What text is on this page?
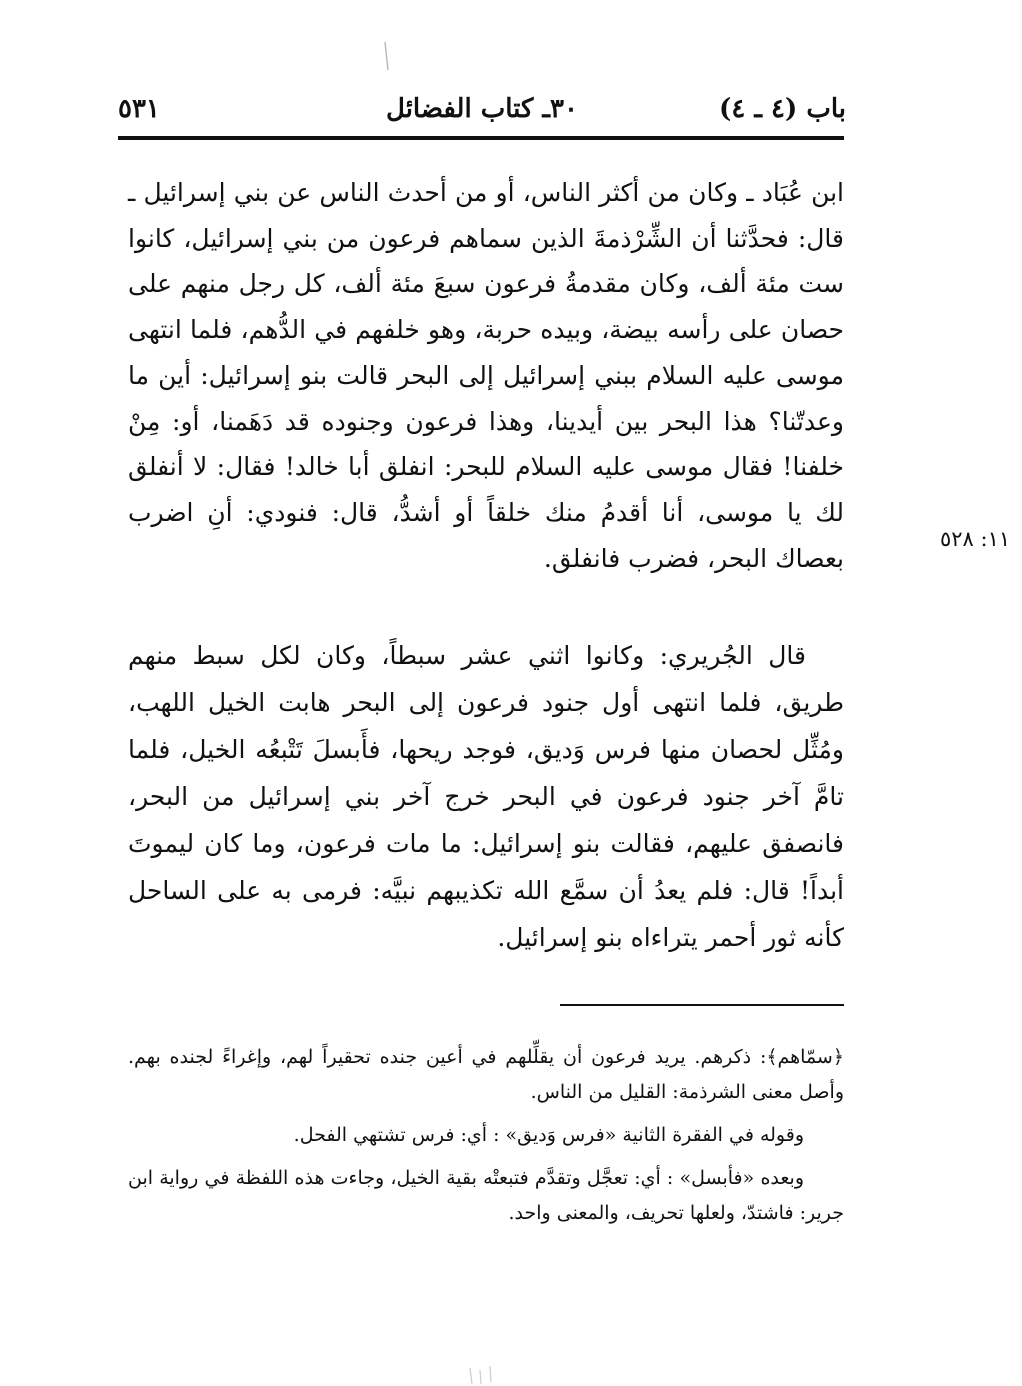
باب (٤ ـ ٤)
٣٠ـ كتاب الفضائل
٥٣١

ابن عُبَاد ـ وكان من أكثر الناس، أو من أحدث الناس عن بني إسرائيل ـ قال: فحدَّثنا أن الشِّرْذمةَ الذين سماهم فرعون من بني إسرائيل، كانوا ست مئة ألف، وكان مقدمةُ فرعون سبعَ مئة ألف، كل رجل منهم على حصان على رأسه بيضة، وبيده حربة، وهو خلفهم في الدُّهم، فلما انتهى موسى عليه السلام ببني إسرائيل إلى البحر قالت بنو إسرائيل: أين ما وعدتّنا؟ هذا البحر بين أيدينا، وهذا فرعون وجنوده قد دَهَمنا، أو: مِنْ خلفنا! فقال موسى عليه السلام للبحر: انفلق أبا خالد! فقال: لا أنفلق لك يا موسى، أنا أقدمُ منك خلقاً أو أشدُّ، قال: فنودي: أنِ اضرب بعصاك البحر، فضرب فانفلق.

١١: ٥٢٨
قال الجُريري: وكانوا اثني عشر سبطاً، وكان لكل سبط منهم طريق، فلما انتهى أول جنود فرعون إلى البحر هابت الخيل اللهب، ومُثِّل لحصان منها فرس وَديق، فوجد ريحها، فأَبسلَ تَتْبعُه الخيل، فلما تامَّ آخر جنود فرعون في البحر خرج آخر بني إسرائيل من البحر، فانصفق عليهم، فقالت بنو إسرائيل: ما مات فرعون، وما كان ليموتَ أبداً! قال: فلم يعدُ أن سمَّع الله تكذيبهم نبيَّه: فرمى به على الساحل كأنه ثور أحمر يتراءاه بنو إسرائيل.

﴿سمّاهم﴾: ذكرهم. يريد فرعون أن يقلِّلهم في أعين جنده تحقيراً لهم، وإغراءً لجنده بهم. وأصل معنى الشرذمة: القليل من الناس.

وقوله في الفقرة الثانية «فرس وَديق» : أي: فرس تشتهي الفحل.

وبعده «فأبسل» : أي: تعجَّل وتقدَّم فتبعتْه بقية الخيل، وجاءت هذه اللفظة في رواية ابن جرير: فاشتدّ، ولعلها تحريف، والمعنى واحد.
